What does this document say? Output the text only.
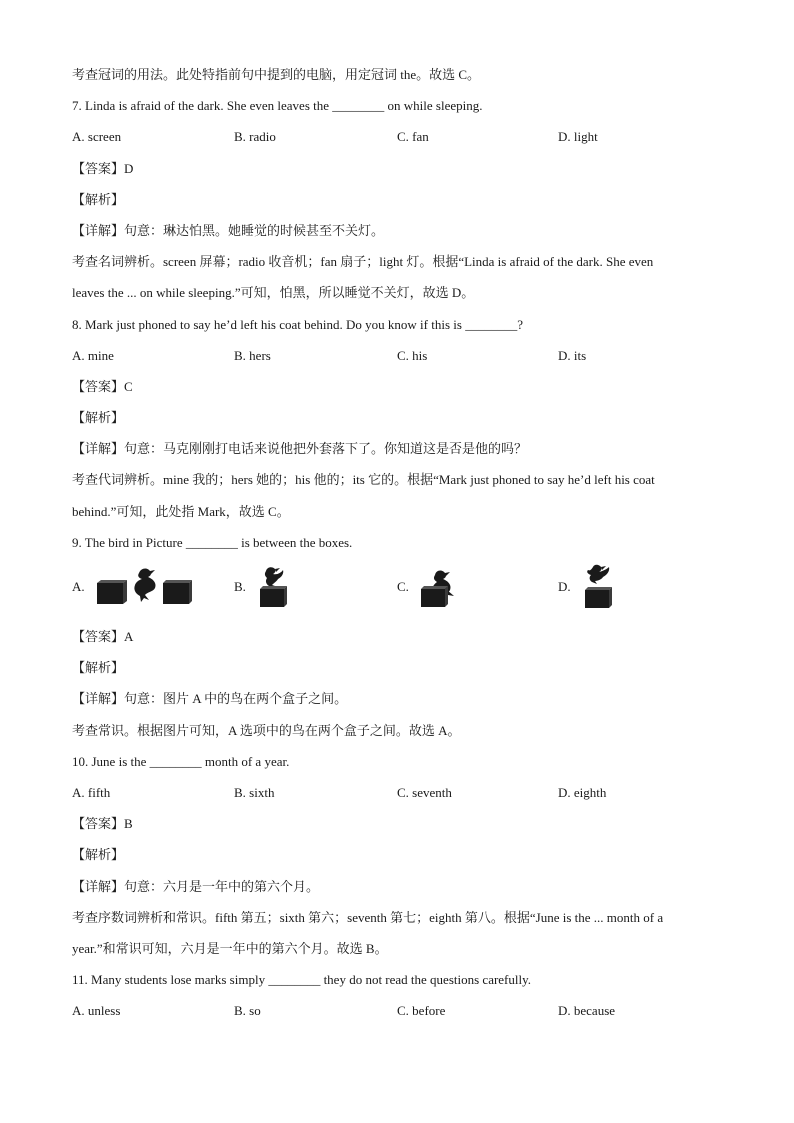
考查冠词的用法。此处特指前句中提到的电脑，用定冠词 the。故选 C。
7. Linda is afraid of the dark. She even leaves the ________ on while sleeping.
A. screen	B. radio	C. fan	D. light
【答案】D
【解析】
【详解】句意：琳达怕黑。她睡觉的时候甚至不关灯。
考查名词辨析。screen 屏幕；radio 收音机；fan 扇子；light 灯。根据“Linda is afraid of the dark. She even
leaves the ... on while sleeping.”可知，怕黑，所以睡觉不关灯，故选 D。
8. Mark just phoned to say he’d left his coat behind. Do you know if this is ________?
A. mine	B. hers	C. his	D. its
【答案】C
【解析】
【详解】句意：马克刚刚打电话来说他把外套落下了。你知道这是否是他的吗？
考查代词辨析。mine 我的；hers 她的；his 他的；its 它的。根据“Mark just phoned to say he’d left his coat
behind.”可知，此处指 Mark，故选 C。
9. The bird in Picture ________ is between the boxes.
A.	B.	C.	D.
【答案】A
【解析】
【详解】句意：图片 A 中的鸟在两个盒子之间。
考查常识。根据图片可知，A 选项中的鸟在两个盒子之间。故选 A。
10. June is the ________ month of a year.
A. fifth	B. sixth	C. seventh	D. eighth
【答案】B
【解析】
【详解】句意：六月是一年中的第六个月。
考查序数词辨析和常识。fifth 第五；sixth 第六；seventh 第七；eighth 第八。根据“June is the ... month of a
year.”和常识可知，六月是一年中的第六个月。故选 B。
11. Many students lose marks simply ________ they do not read the questions carefully.
A. unless	B. so	C. before	D. because
